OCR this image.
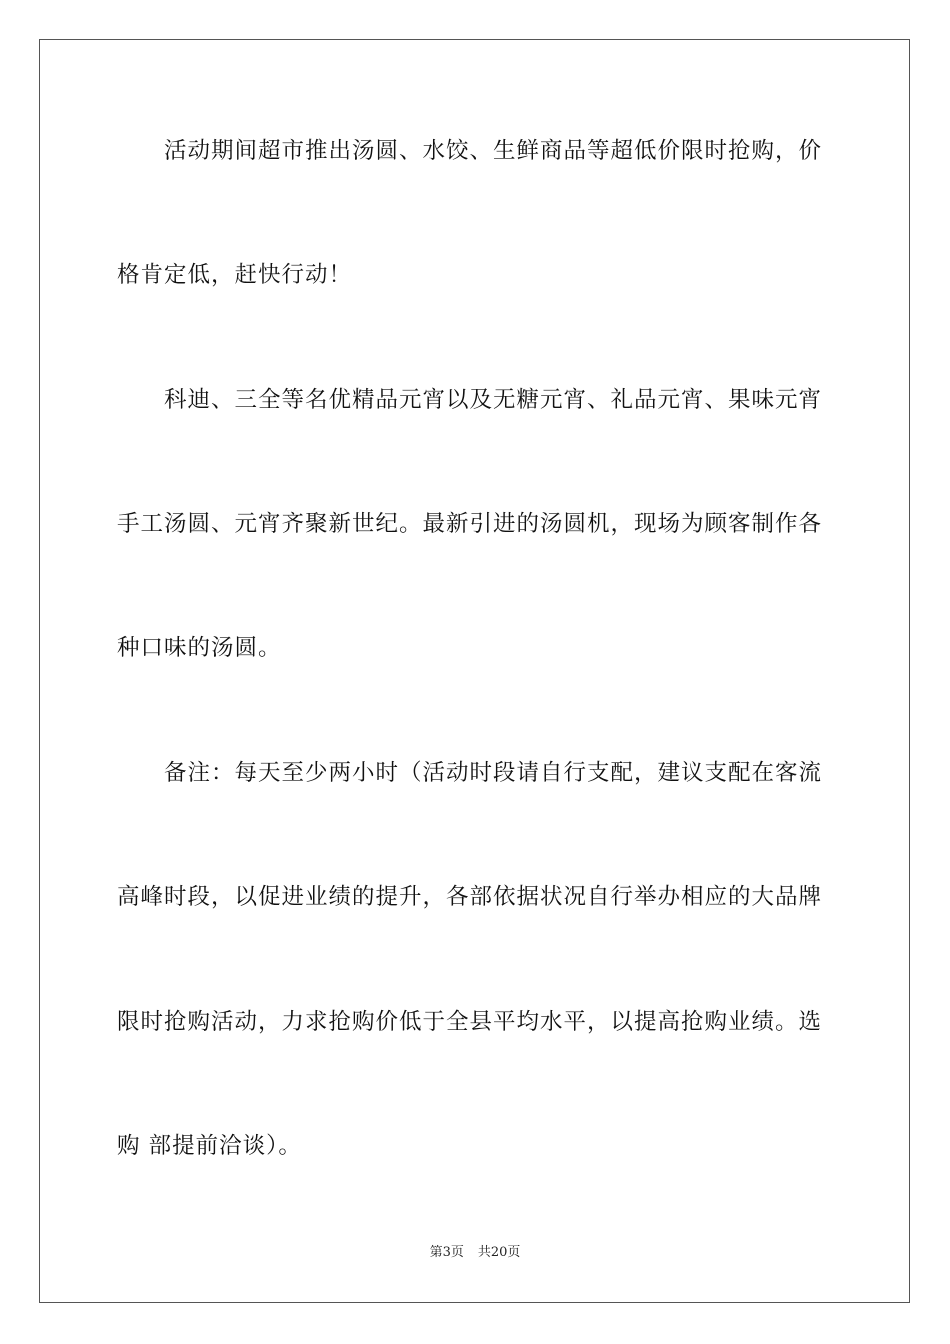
活动期间超市推出汤圆、水饺、生鲜商品等超低价限时抢购，价
格肯定低，赶快行动！
科迪、三全等名优精品元宵以及无糖元宵、礼品元宵、果味元宵
手工汤圆、元宵齐聚新世纪。最新引进的汤圆机，现场为顾客制作各
种口味的汤圆。
备注：每天至少两小时（活动时段请自行支配，建议支配在客流
高峰时段，以促进业绩的提升，各部依据状况自行举办相应的大品牌
限时抢购活动，力求抢购价低于全县平均水平，以提高抢购业绩。选
购 部提前洽谈）。
第3页 共20页
